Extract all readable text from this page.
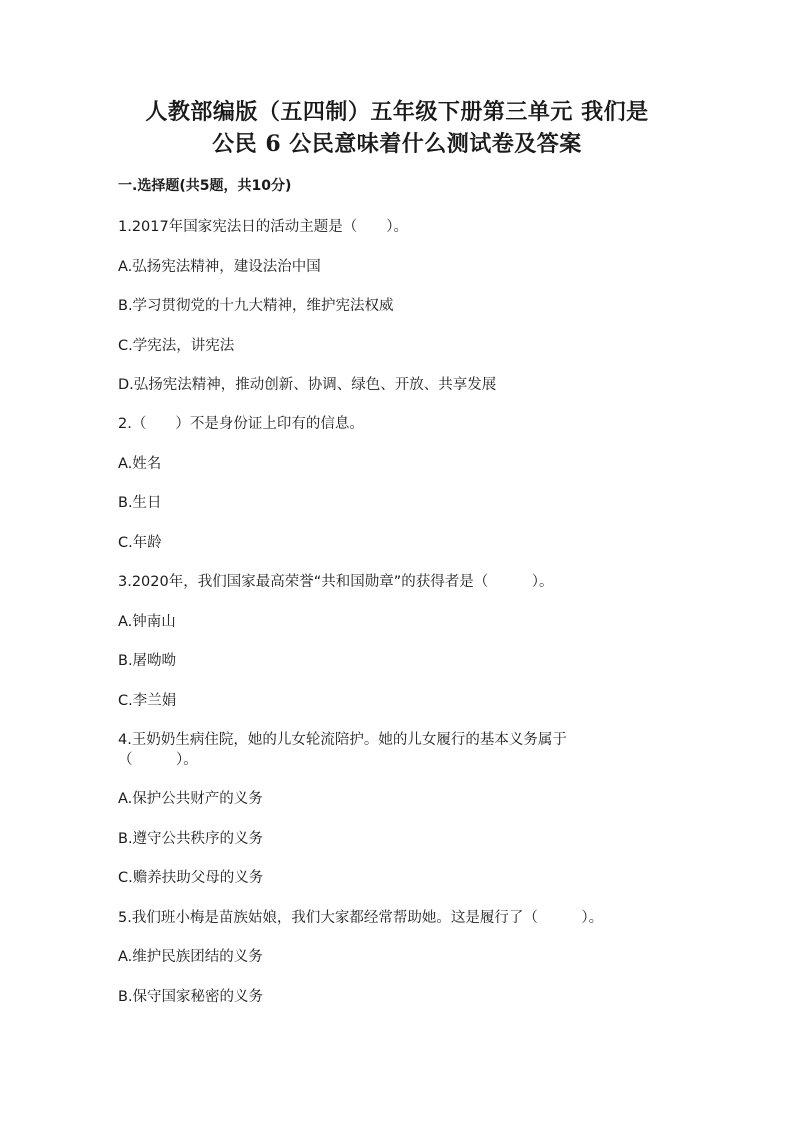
人教部编版（五四制）五年级下册第三单元 我们是
公民 6 公民意味着什么测试卷及答案
一.选择题(共5题，共10分)
1.2017年国家宪法日的活动主题是（　　）。
A.弘扬宪法精神，建设法治中国
B.学习贯彻党的十九大精神，维护宪法权威
C.学宪法，讲宪法
D.弘扬宪法精神，推动创新、协调、绿色、开放、共享发展
2.（　　）不是身份证上印有的信息。
A.姓名
B.生日
C.年龄
3.2020年，我们国家最高荣誉“共和国勋章”的获得者是（　　　）。
A.钟南山
B.屠呦呦
C.李兰娟
4.王奶奶生病住院，她的儿女轮流陪护。她的儿女履行的基本义务属于
（　　　）。
A.保护公共财产的义务
B.遵守公共秩序的义务
C.赡养扶助父母的义务
5.我们班小梅是苗族姑娘，我们大家都经常帮助她。这是履行了（　　　）。
A.维护民族团结的义务
B.保守国家秘密的义务
